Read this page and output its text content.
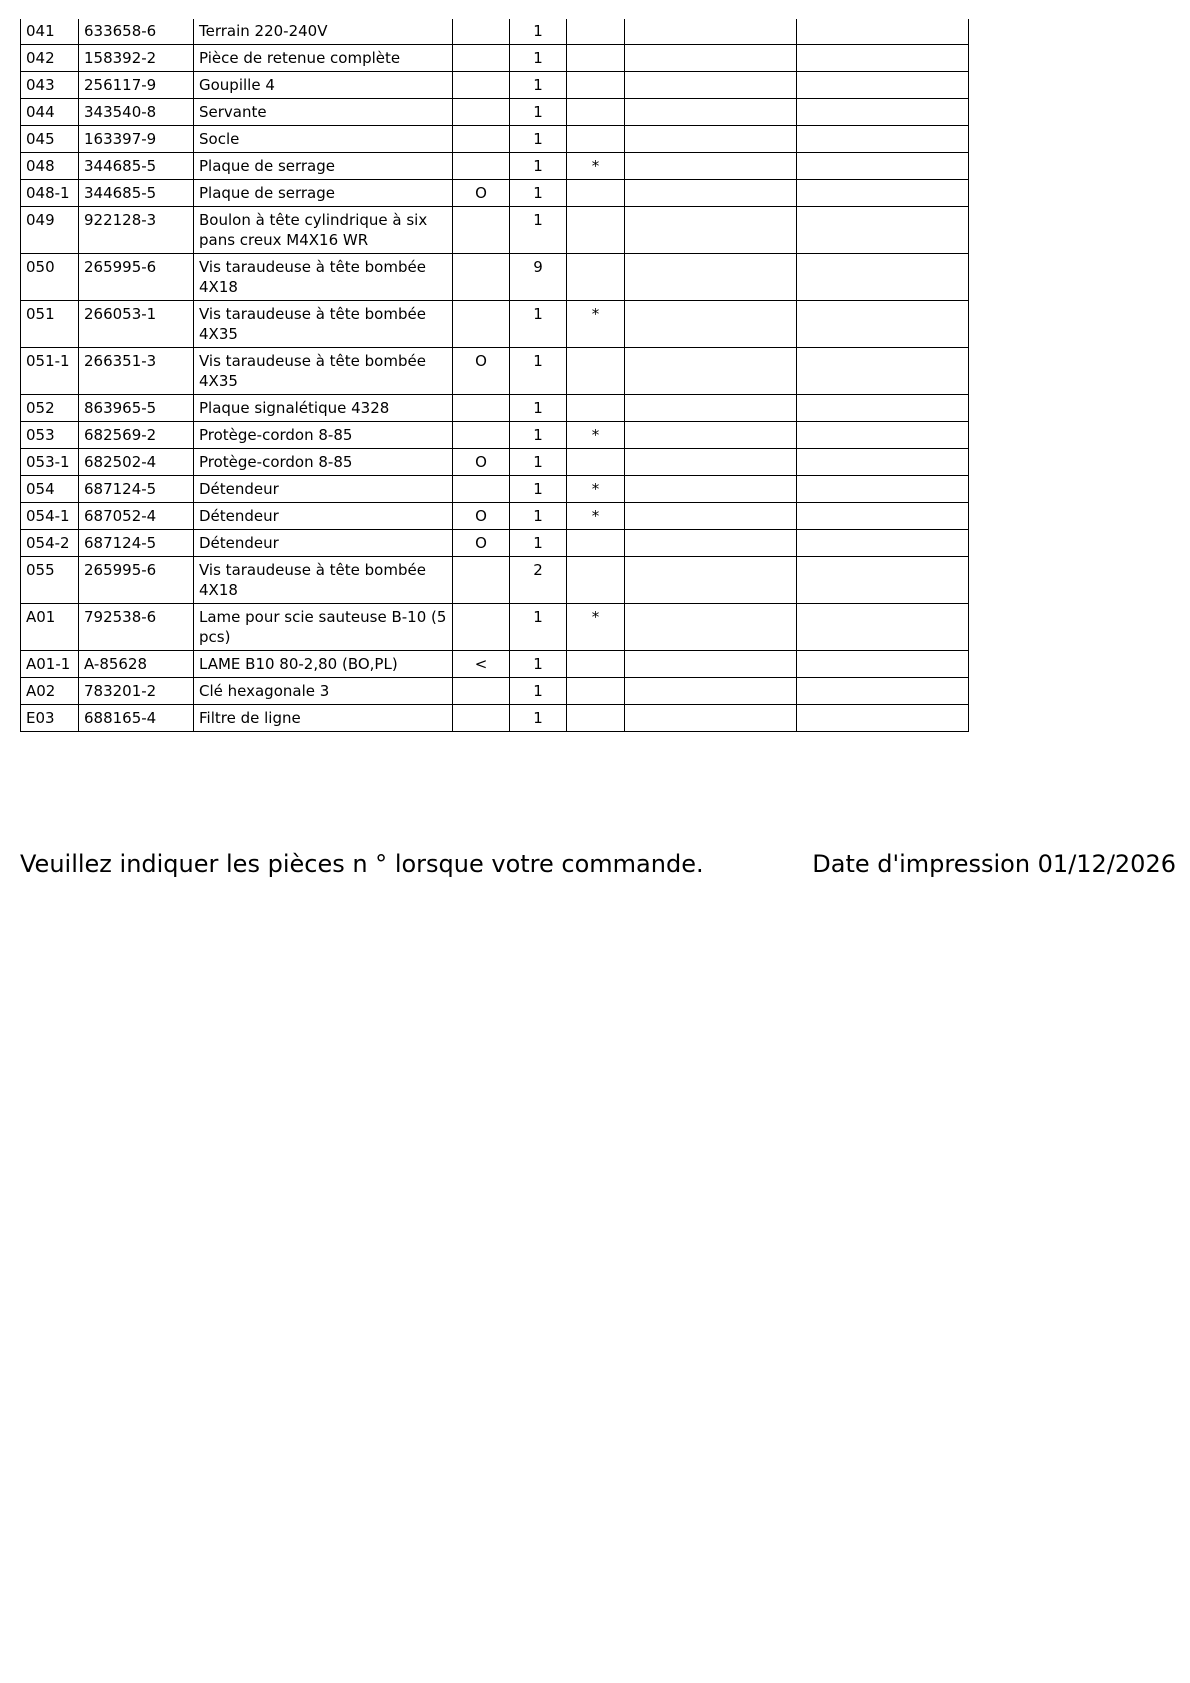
041	633658-6	Terrain 220-240V		1			
042	158392-2	Pièce de retenue complète		1			
043	256117-9	Goupille 4		1			
044	343540-8	Servante		1			
045	163397-9	Socle		1			
048	344685-5	Plaque de serrage		1	*		
048-1	344685-5	Plaque de serrage	O	1			
049	922128-3	Boulon à tête cylindrique à six pans creux M4X16 WR		1			
050	265995-6	Vis taraudeuse à tête bombée 4X18		9			
051	266053-1	Vis taraudeuse à tête bombée 4X35		1	*		
051-1	266351-3	Vis taraudeuse à tête bombée 4X35	O	1			
052	863965-5	Plaque signalétique 4328		1			
053	682569-2	Protège-cordon 8-85		1	*		
053-1	682502-4	Protège-cordon 8-85	O	1			
054	687124-5	Détendeur		1	*		
054-1	687052-4	Détendeur	O	1	*		
054-2	687124-5	Détendeur	O	1			
055	265995-6	Vis taraudeuse à tête bombée 4X18		2			
A01	792538-6	Lame pour scie sauteuse B-10 (5 pcs)		1	*		
A01-1	A-85628	LAME B10 80-2,80 (BO,PL)	<	1			
A02	783201-2	Clé hexagonale 3		1			
E03	688165-4	Filtre de ligne		1			
Veuillez indiquer les pièces n ° lorsque votre commande.	Date d'impression 01/12/2026
